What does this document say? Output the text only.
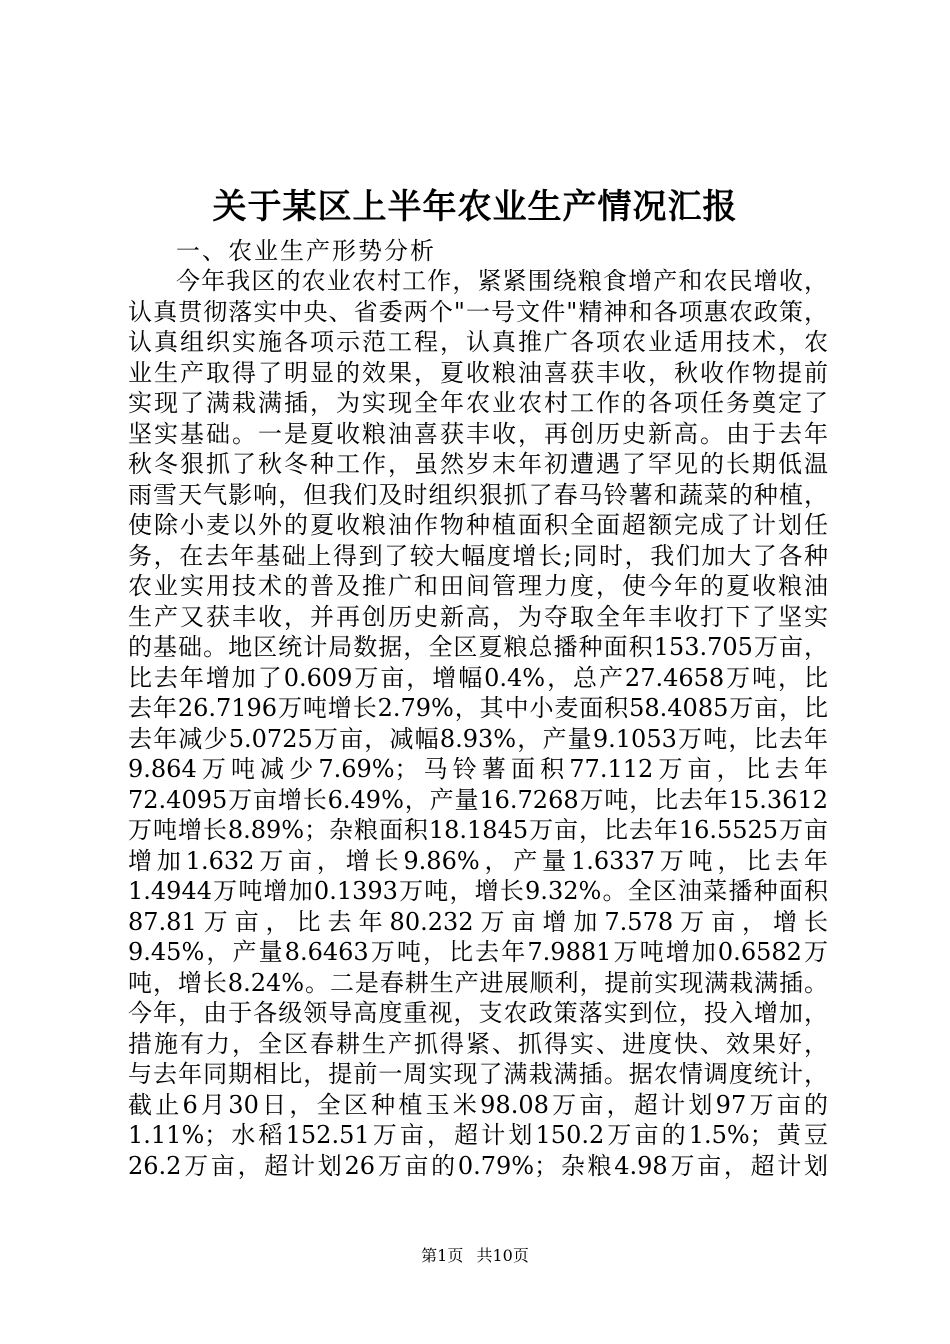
关于某区上半年农业生产情况汇报
一、农业生产形势分析
今年我区的农业农村工作，紧紧围绕粮食增产和农民增收，
认真贯彻落实中央、省委两个"一号文件"精神和各项惠农政策，
认真组织实施各项示范工程，认真推广各项农业适用技术，农
业生产取得了明显的效果，夏收粮油喜获丰收，秋收作物提前
实现了满栽满插，为实现全年农业农村工作的各项任务奠定了
坚实基础。一是夏收粮油喜获丰收，再创历史新高。由于去年
秋冬狠抓了秋冬种工作，虽然岁末年初遭遇了罕见的长期低温
雨雪天气影响，但我们及时组织狠抓了春马铃薯和蔬菜的种植，
使除小麦以外的夏收粮油作物种植面积全面超额完成了计划任
务，在去年基础上得到了较大幅度增长;同时，我们加大了各种
农业实用技术的普及推广和田间管理力度，使今年的夏收粮油
生产又获丰收，并再创历史新高，为夺取全年丰收打下了坚实
的基础。地区统计局数据，全区夏粮总播种面积153.705万亩，
比去年增加了0.609万亩，增幅0.4%，总产27.4658万吨，比
去年26.7196万吨增长2.79%，其中小麦面积58.4085万亩，比
去年减少5.0725万亩，减幅8.93%，产量9.1053万吨，比去年
9.864万吨减少7.69%；马铃薯面积77.112万亩，比去年
72.4095万亩增长6.49%，产量16.7268万吨，比去年15.3612
万吨增长8.89%；杂粮面积18.1845万亩，比去年16.5525万亩
增加1.632万亩，增长9.86%，产量1.6337万吨，比去年
1.4944万吨增加0.1393万吨，增长9.32%。全区油菜播种面积
87.81万亩，比去年80.232万亩增加7.578万亩，增长
9.45%，产量8.6463万吨，比去年7.9881万吨增加0.6582万
吨，增长8.24%。二是春耕生产进展顺利，提前实现满栽满插。
今年，由于各级领导高度重视，支农政策落实到位，投入增加，
措施有力，全区春耕生产抓得紧、抓得实、进度快、效果好，
与去年同期相比，提前一周实现了满栽满插。据农情调度统计，
截止6月30日，全区种植玉米98.08万亩，超计划97万亩的
1.11%；水稻152.51万亩，超计划150.2万亩的1.5%；黄豆
26.2万亩，超计划26万亩的0.79%；杂粮4.98万亩，超计划
第1页 共10页
